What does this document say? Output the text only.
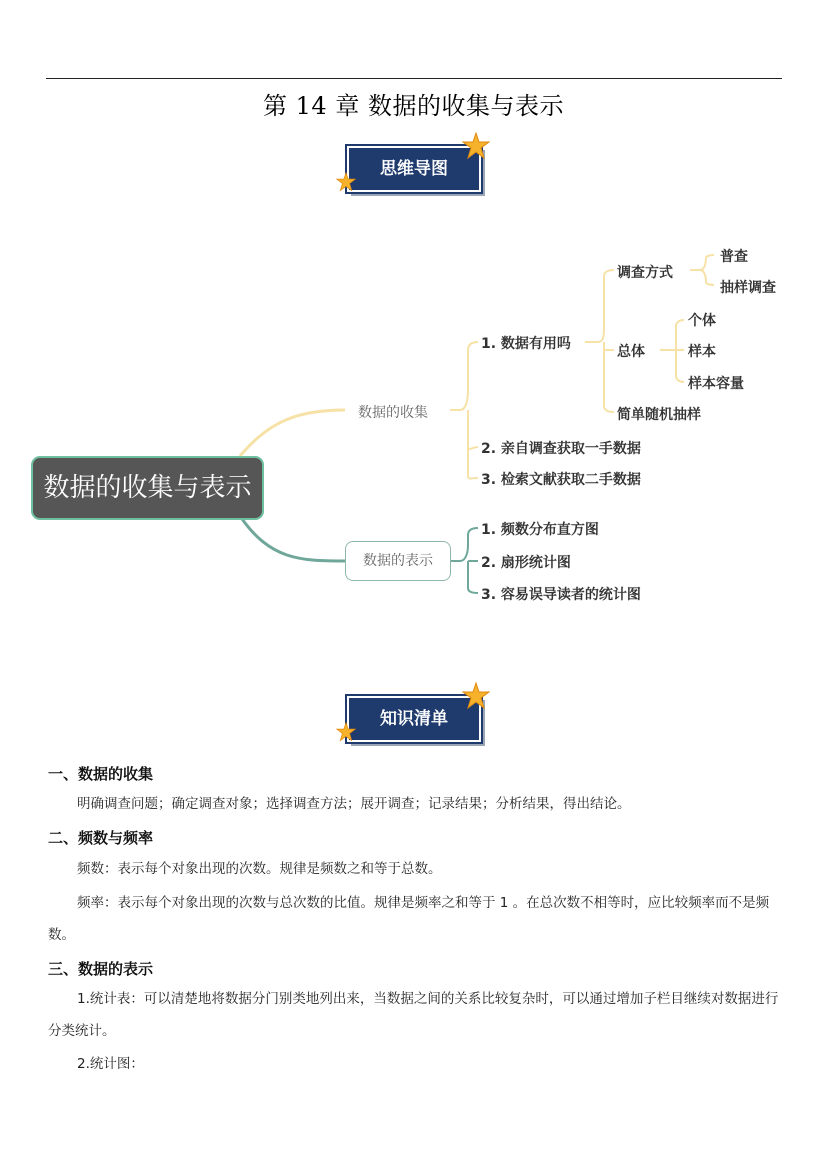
第 14 章 数据的收集与表示
思维导图
数据的收集与表示
数据的收集
数据的表示
1. 数据有用吗
2. 亲自调查获取一手数据
3. 检索文献获取二手数据
调查方式
普查
抽样调查
总体
个体
样本
样本容量
简单随机抽样
1. 频数分布直方图
2. 扇形统计图
3. 容易误导读者的统计图
知识清单
一、数据的收集
明确调查问题；确定调查对象；选择调查方法；展开调查；记录结果；分析结果，得出结论。
二、频数与频率
频数：表示每个对象出现的次数。规律是频数之和等于总数。
频率：表示每个对象出现的次数与总次数的比值。规律是频率之和等于 1 。在总次数不相等时，应比较频率而不是频数。
三、数据的表示
1.统计表：可以清楚地将数据分门别类地列出来，当数据之间的关系比较复杂时，可以通过增加子栏目继续对数据进行分类统计。
2.统计图：
